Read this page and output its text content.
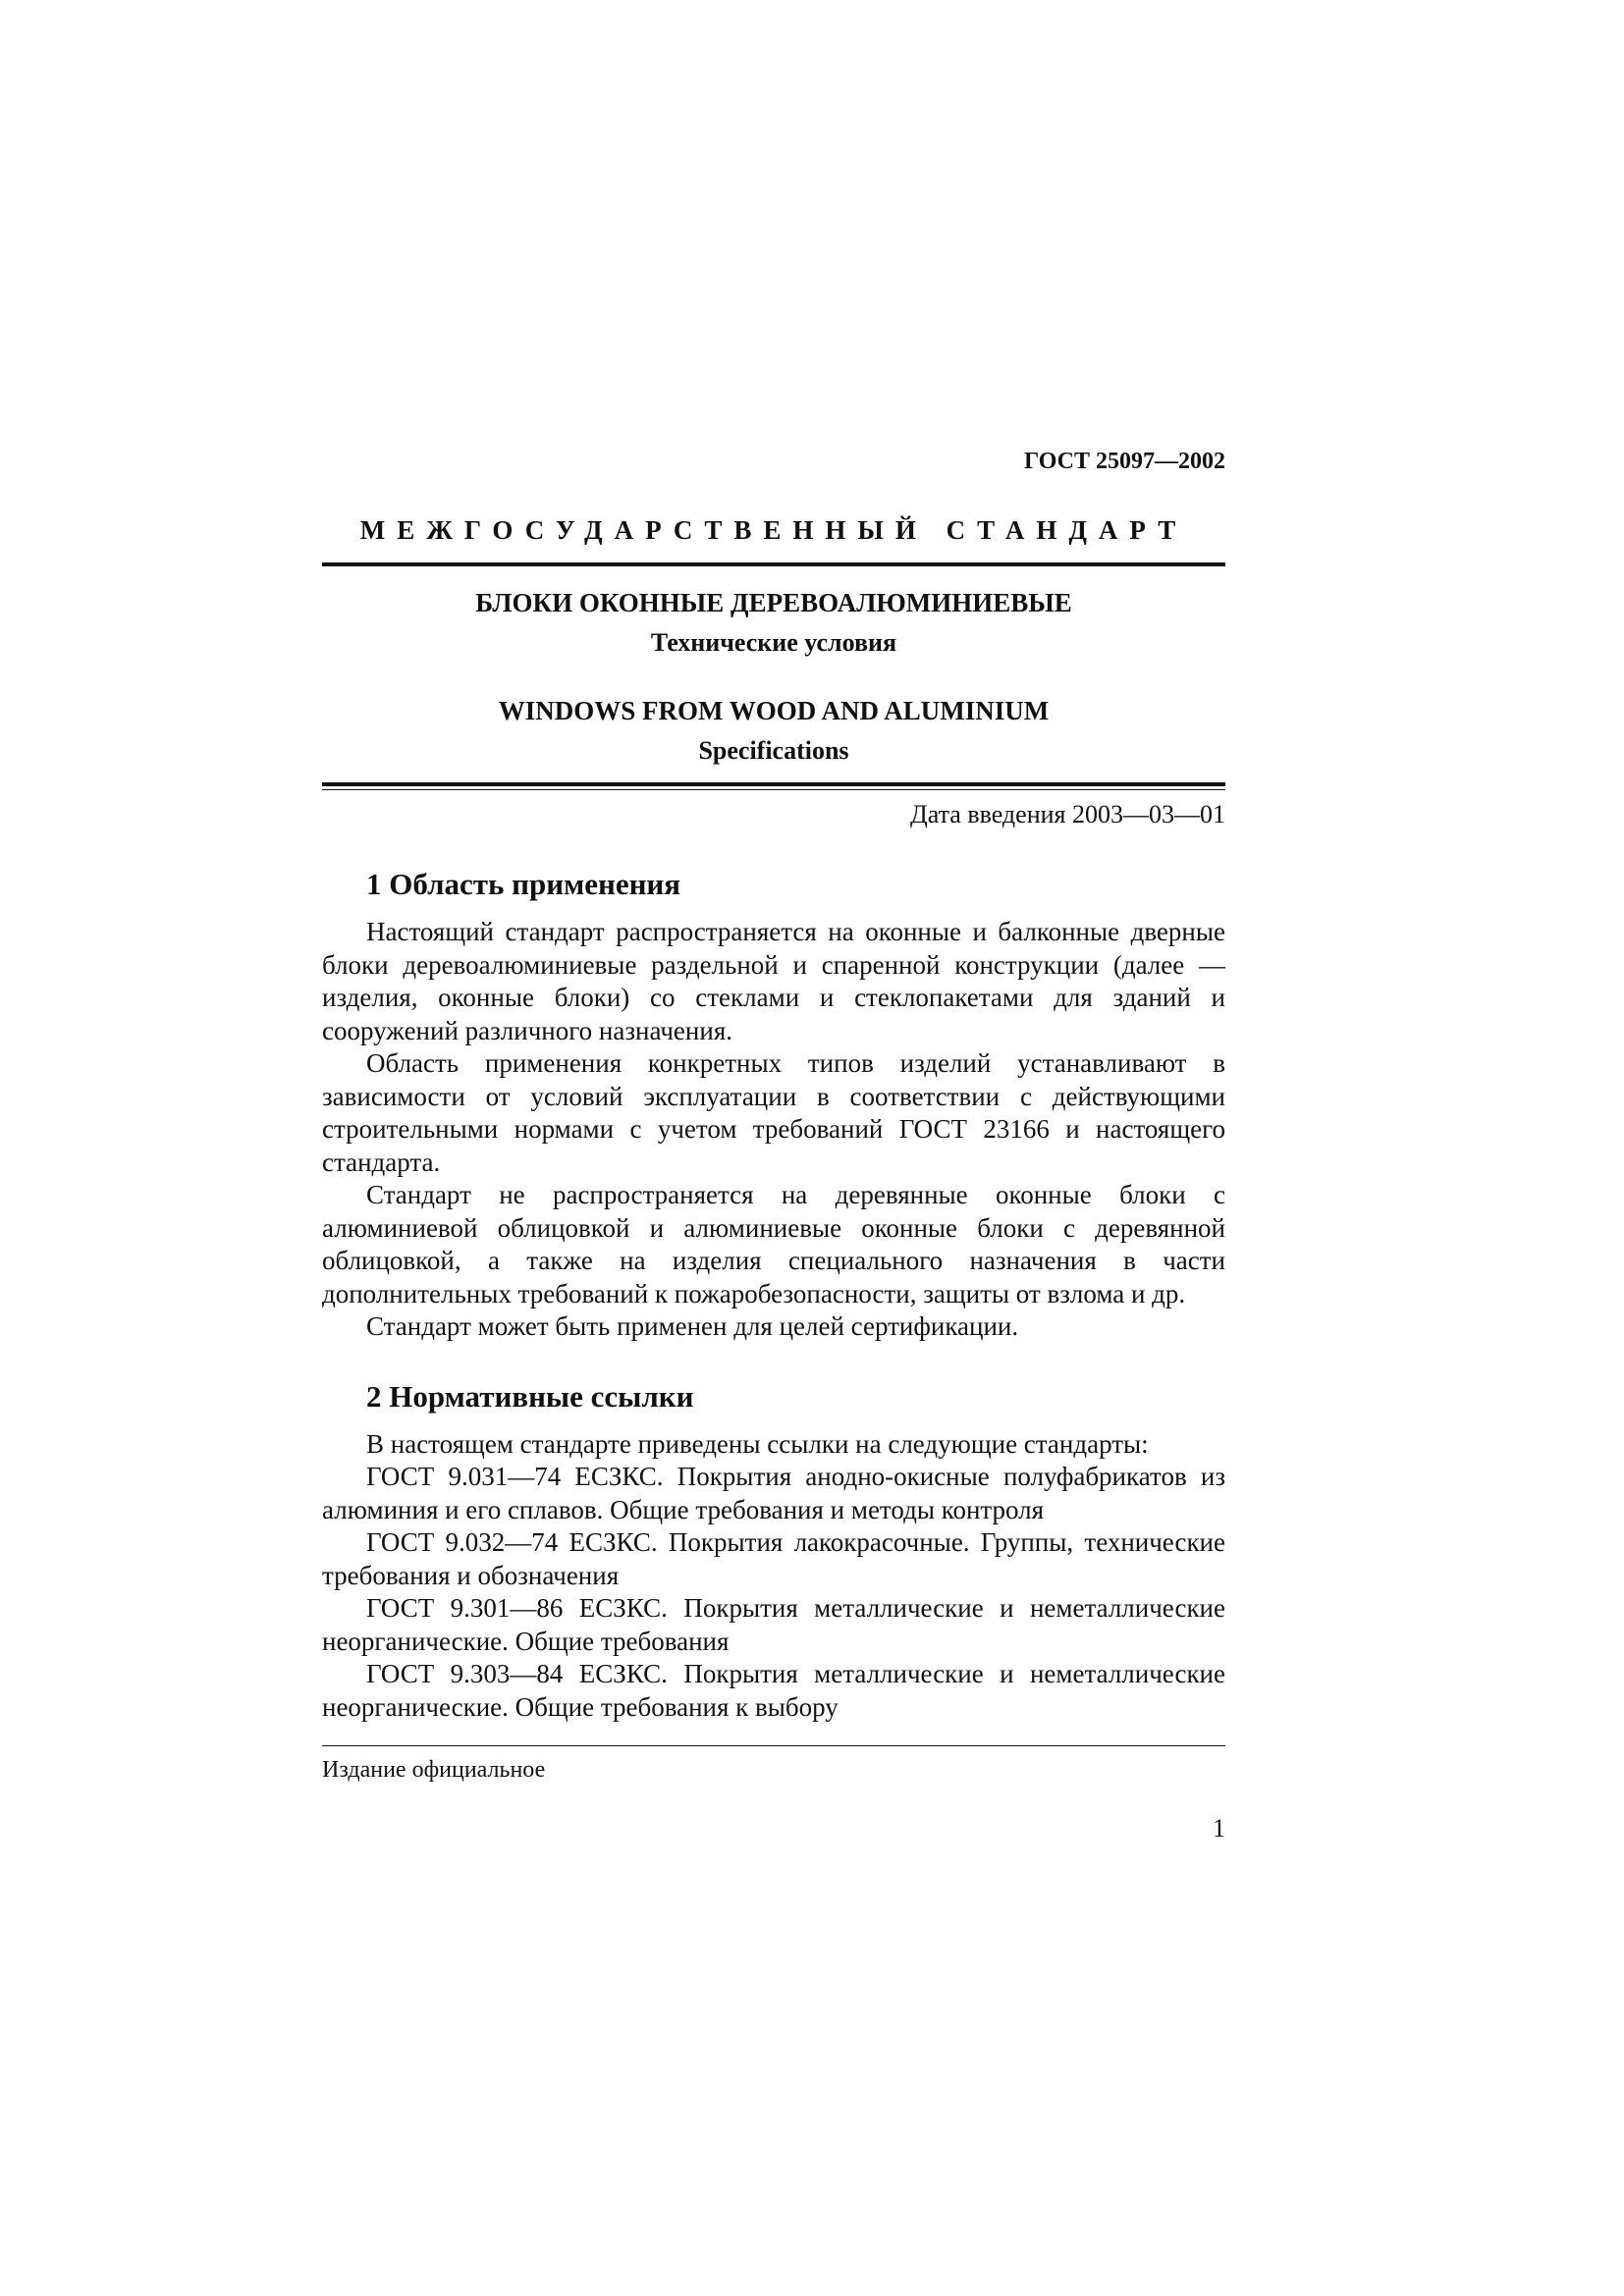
ГОСТ 25097—2002

МЕЖГОСУДАРСТВЕННЫЙ СТАНДАРТ

БЛОКИ ОКОННЫЕ ДЕРЕВОАЛЮМИНИЕВЫЕ

Технические условия

WINDOWS FROM WOOD AND ALUMINIUM

Specifications

Дата введения 2003—03—01

1 Область применения

Настоящий стандарт распространяется на оконные и балконные дверные блоки деревоалюминиевые раздельной и спаренной конструкции (далее — изделия, оконные блоки) со стеклами и стеклопакетами для зданий и сооружений различного назначения.

Область применения конкретных типов изделий устанавливают в зависимости от условий эксплуатации в соответствии с действующими строительными нормами с учетом требований ГОСТ 23166 и настоящего стандарта.

Стандарт не распространяется на деревянные оконные блоки с алюминиевой облицовкой и алюминиевые оконные блоки с деревянной облицовкой, а также на изделия специального назначения в части дополнительных требований к пожаробезопасности, защиты от взлома и др.

Стандарт может быть применен для целей сертификации.

2 Нормативные ссылки

В настоящем стандарте приведены ссылки на следующие стандарты:

ГОСТ 9.031—74 ЕСЗКС. Покрытия анодно-окисные полуфабрикатов из алюминия и его сплавов. Общие требования и методы контроля

ГОСТ 9.032—74 ЕСЗКС. Покрытия лакокрасочные. Группы, технические требования и обозначения

ГОСТ 9.301—86 ЕСЗКС. Покрытия металлические и неметаллические неорганические. Общие требования

ГОСТ 9.303—84 ЕСЗКС. Покрытия металлические и неметаллические неорганические. Общие требования к выбору

Издание официальное

1
